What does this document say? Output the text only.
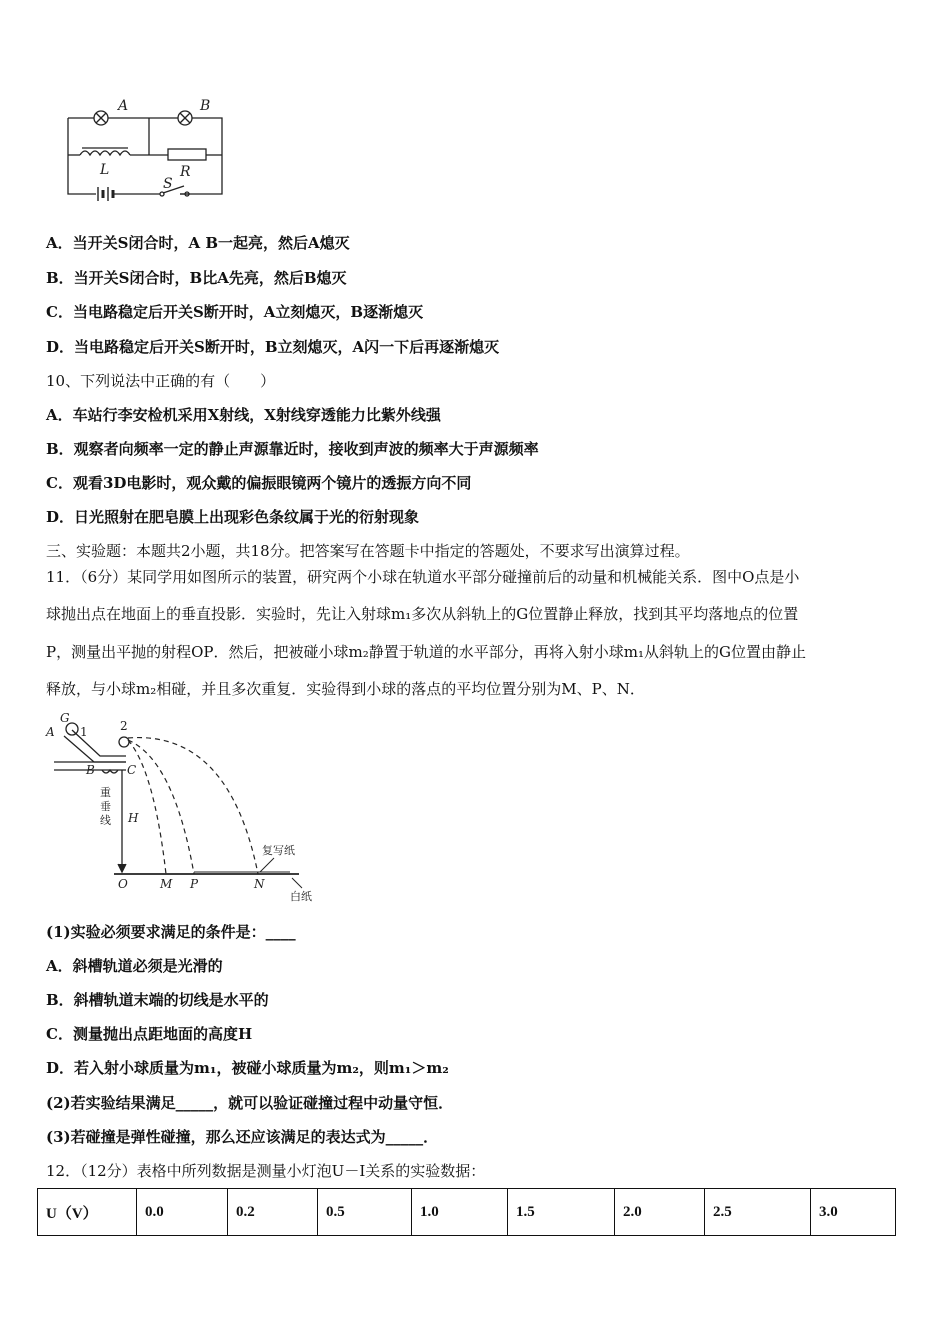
A	B
L	R
S
A．当开关S闭合时，A B一起亮，然后A熄灭
B．当开关S闭合时，B比A先亮，然后B熄灭
C．当电路稳定后开关S断开时，A立刻熄灭，B逐渐熄灭
D．当电路稳定后开关S断开时，B立刻熄灭，A闪一下后再逐渐熄灭
10、下列说法中正确的有（　　）
A．车站行李安检机采用X射线，X射线穿透能力比紫外线强
B．观察者向频率一定的静止声源靠近时，接收到声波的频率大于声源频率
C．观看3D电影时，观众戴的偏振眼镜两个镜片的透振方向不同
D．日光照射在肥皂膜上出现彩色条纹属于光的衍射现象
三、实验题：本题共2小题，共18分。把答案写在答题卡中指定的答题处，不要求写出演算过程。
11．（6分）某同学用如图所示的装置，研究两个小球在轨道水平部分碰撞前后的动量和机械能关系．图中O点是小
球抛出点在地面上的垂直投影．实验时，先让入射球m₁多次从斜轨上的G位置静止释放，找到其平均落地点的位置
P，测量出平抛的射程OP．然后，把被碰小球m₂静置于轨道的水平部分，再将入射小球m₁从斜轨上的G位置由静止
释放，与小球m₂相碰，并且多次重复．实验得到小球的落点的平均位置分别为M、P、N．
G
A 1	2
B	C
H
复写纸
白纸
O	M P	N
重 垂 线
(1)实验必须要求满足的条件是：____
A．斜槽轨道必须是光滑的
B．斜槽轨道末端的切线是水平的
C．测量抛出点距地面的高度H
D．若入射小球质量为m₁，被碰小球质量为m₂，则m₁＞m₂
(2)若实验结果满足_____，就可以验证碰撞过程中动量守恒．
(3)若碰撞是弹性碰撞，那么还应该满足的表达式为_____．
12．（12分）表格中所列数据是测量小灯泡U－I关系的实验数据：
U（V）	0.0	0.2	0.5	1.0	1.5	2.0	2.5	3.0
